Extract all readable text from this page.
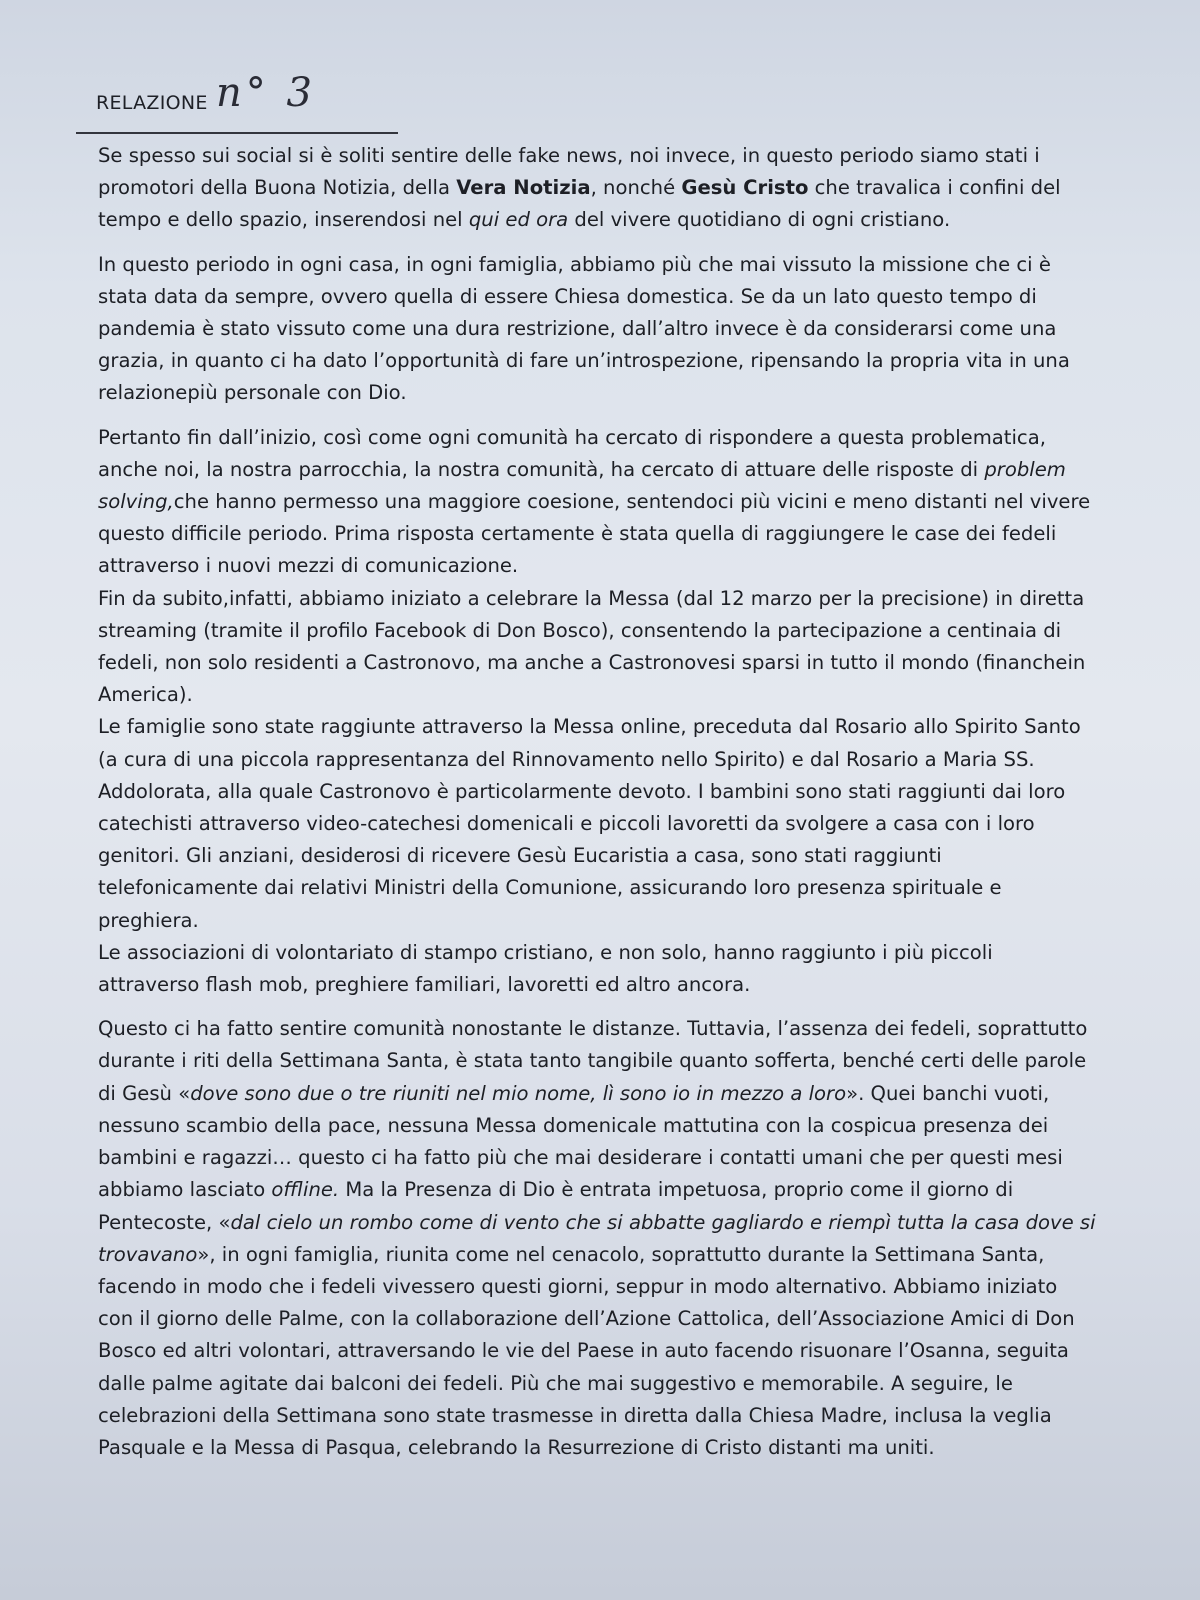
RELAZIONE n° 3

Se spesso sui social si è soliti sentire delle fake news, noi invece, in questo periodo siamo stati i promotori della Buona Notizia, della Vera Notizia, nonché Gesù Cristo che travalica i confini del tempo e dello spazio, inserendosi nel qui ed ora del vivere quotidiano di ogni cristiano.

In questo periodo in ogni casa, in ogni famiglia, abbiamo più che mai vissuto la missione che ci è stata data da sempre, ovvero quella di essere Chiesa domestica. Se da un lato questo tempo di pandemia è stato vissuto come una dura restrizione, dall’altro invece è da considerarsi come una grazia, in quanto ci ha dato l’opportunità di fare un’introspezione, ripensando la propria vita in una relazionepiù personale con Dio.

Pertanto fin dall’inizio, così come ogni comunità ha cercato di rispondere a questa problematica, anche noi, la nostra parrocchia, la nostra comunità, ha cercato di attuare delle risposte di problem solving,che hanno permesso una maggiore coesione, sentendoci più vicini e meno distanti nel vivere questo difficile periodo. Prima risposta certamente è stata quella di raggiungere le case dei fedeli attraverso i nuovi mezzi di comunicazione.

Fin da subito,infatti, abbiamo iniziato a celebrare la Messa (dal 12 marzo per la precisione) in diretta streaming (tramite il profilo Facebook di Don Bosco), consentendo la partecipazione a centinaia di fedeli, non solo residenti a Castronovo, ma anche a Castronovesi sparsi in tutto il mondo (financhein America).

Le famiglie sono state raggiunte attraverso la Messa online, preceduta dal Rosario allo Spirito Santo (a cura di una piccola rappresentanza del Rinnovamento nello Spirito) e dal Rosario a Maria SS. Addolorata, alla quale Castronovo è particolarmente devoto. I bambini sono stati raggiunti dai loro catechisti attraverso video-catechesi domenicali e piccoli lavoretti da svolgere a casa con i loro genitori. Gli anziani, desiderosi di ricevere Gesù Eucaristia a casa, sono stati raggiunti telefonicamente dai relativi Ministri della Comunione, assicurando loro presenza spirituale e preghiera.

Le associazioni di volontariato di stampo cristiano, e non solo, hanno raggiunto i più piccoli attraverso flash mob, preghiere familiari, lavoretti ed altro ancora.

Questo ci ha fatto sentire comunità nonostante le distanze. Tuttavia, l’assenza dei fedeli, soprattutto durante i riti della Settimana Santa, è stata tanto tangibile quanto sofferta, benché certi delle parole di Gesù «dove sono due o tre riuniti nel mio nome, lì sono io in mezzo a loro». Quei banchi vuoti, nessuno scambio della pace, nessuna Messa domenicale mattutina con la cospicua presenza dei bambini e ragazzi… questo ci ha fatto più che mai desiderare i contatti umani che per questi mesi abbiamo lasciato offline. Ma la Presenza di Dio è entrata impetuosa, proprio come il giorno di Pentecoste, «dal cielo un rombo come di vento che si abbatte gagliardo e riempì tutta la casa dove si trovavano», in ogni famiglia, riunita come nel cenacolo, soprattutto durante la Settimana Santa, facendo in modo che i fedeli vivessero questi giorni, seppur in modo alternativo. Abbiamo iniziato con il giorno delle Palme, con la collaborazione dell’Azione Cattolica, dell’Associazione Amici di Don Bosco ed altri volontari, attraversando le vie del Paese in auto facendo risuonare l’Osanna, seguita dalle palme agitate dai balconi dei fedeli. Più che mai suggestivo e memorabile. A seguire, le celebrazioni della Settimana sono state trasmesse in diretta dalla Chiesa Madre, inclusa la veglia Pasquale e la Messa di Pasqua, celebrando la Resurrezione di Cristo distanti ma uniti.
